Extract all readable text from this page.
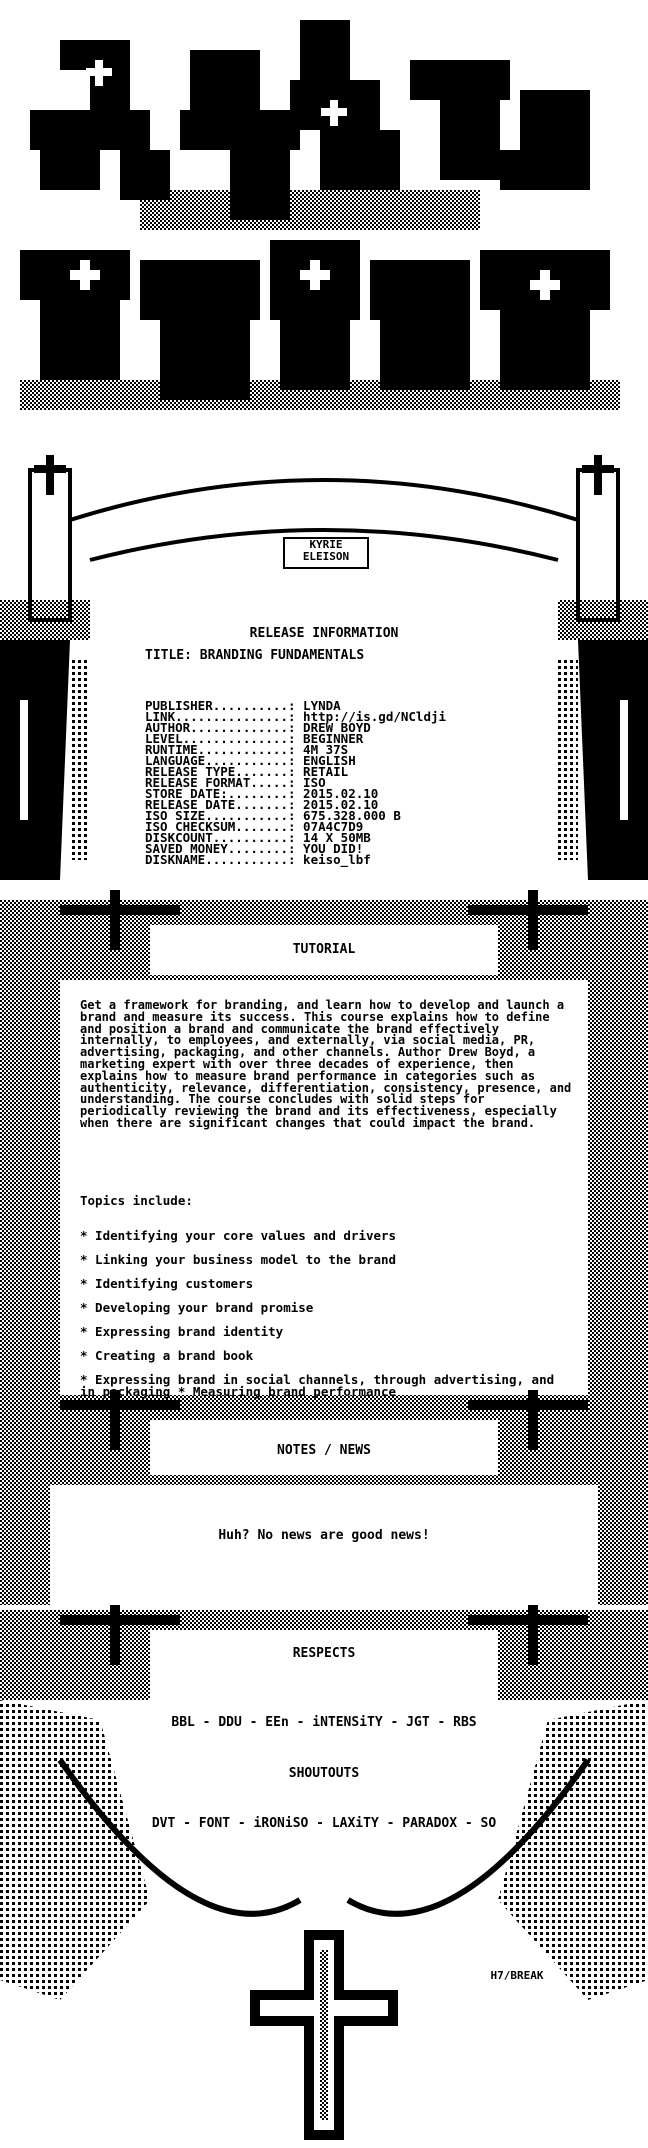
KYRIE
ELEISON
RELEASE INFORMATION
TITLE: BRANDING FUNDAMENTALS
PUBLISHER..........: LYNDA
LINK...............: http://is.gd/NCldji
AUTHOR.............: DREW BOYD
LEVEL..............: BEGINNER
RUNTIME............: 4M 37S
LANGUAGE...........: ENGLISH
RELEASE TYPE.......: RETAIL
RELEASE FORMAT.....: ISO
STORE DATE:........: 2015.02.10
RELEASE DATE.......: 2015.02.10
ISO SIZE...........: 675.328.000 B
ISO CHECKSUM.......: 07A4C7D9
DISKCOUNT..........: 14 X 50MB
SAVED MONEY........: YOU DID!
DISKNAME...........: keiso_lbf
TUTORIAL
Get a framework for branding, and learn how to develop and launch a brand and measure its success. This course explains how to define and position a brand and communicate the brand effectively internally, to employees, and externally, via social media, PR, advertising, packaging, and other channels. Author Drew Boyd, a marketing expert with over three decades of experience, then explains how to measure brand performance in categories such as authenticity, relevance, differentiation, consistency, presence, and understanding. The course concludes with solid steps for periodically reviewing the brand and its effectiveness, especially when there are significant changes that could impact the brand.
Topics include:
* Identifying your core values and drivers
* Linking your business model to the brand
* Identifying customers
* Developing your brand promise
* Expressing brand identity
* Creating a brand book
* Expressing brand in social channels, through advertising, and in packaging * Measuring brand performance
NOTES / NEWS
Huh? No news are good news!
RESPECTS
BBL - DDU - EEn - iNTENSiTY - JGT - RBS
SHOUTOUTS
DVT - FONT - iRONiSO - LAXiTY - PARADOX - SO
H7/BREAK
